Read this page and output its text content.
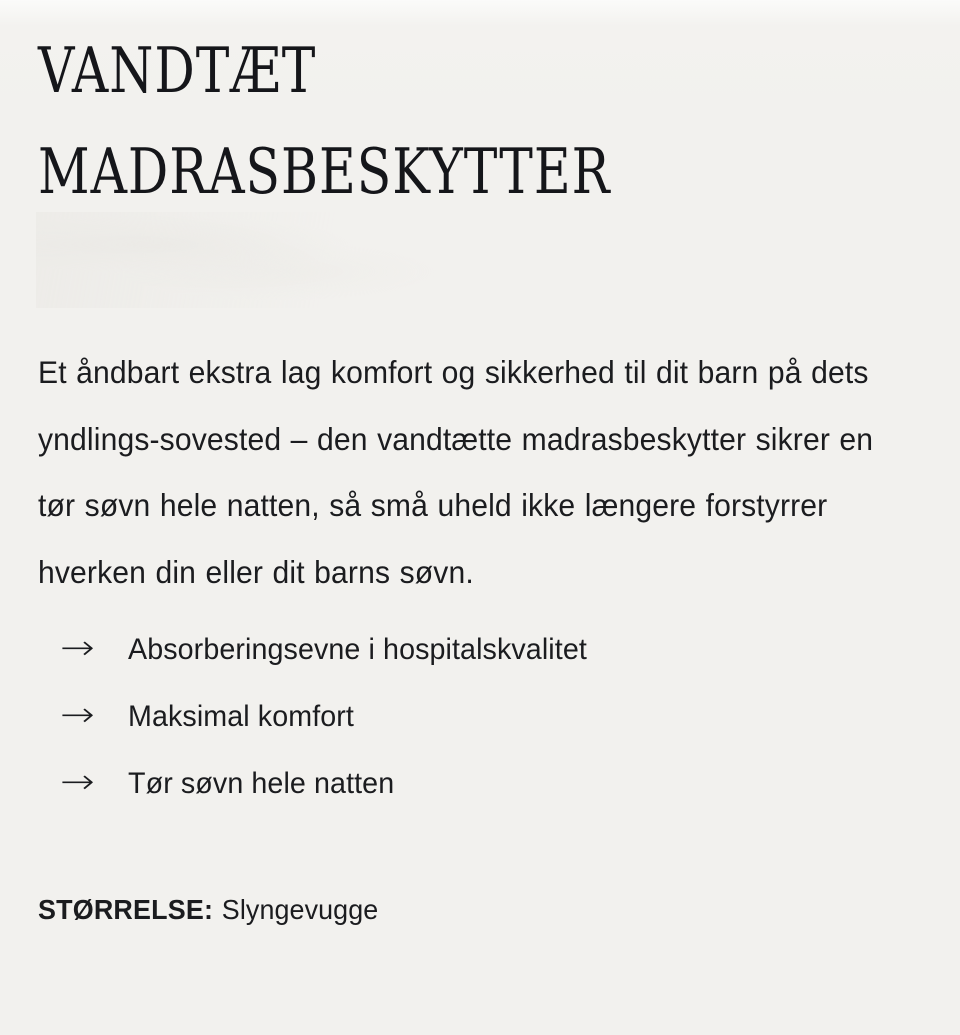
VANDTÆT
MADRASBESKYTTER

Et åndbart ekstra lag komfort og sikkerhed til dit barn på dets yndlings-sovested – den vandtætte madrasbeskytter sikrer en tør søvn hele natten, så små uheld ikke længere forstyrrer hverken din eller dit barns søvn.

→	Absorberingsevne i hospitalskvalitet
→	Maksimal komfort
→	Tør søvn hele natten
STØRRELSE: Slyngevugge
